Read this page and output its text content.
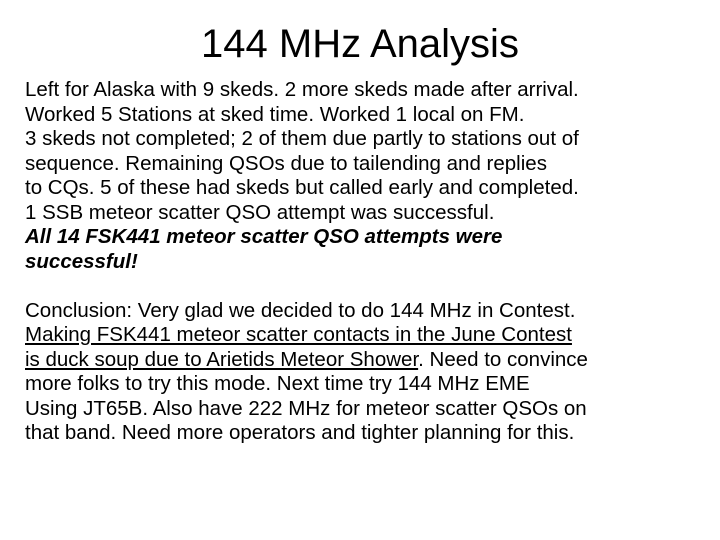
144 MHz Analysis
Left for Alaska with 9 skeds. 2 more skeds made after arrival.
Worked 5 Stations at sked time. Worked 1 local on FM.
3 skeds not completed; 2 of them due partly to stations out of
sequence. Remaining QSOs due to tailending and replies
to CQs. 5 of these had skeds but called early and completed.
1 SSB meteor scatter QSO attempt was successful.
All 14 FSK441 meteor scatter QSO attempts were
successful!
Conclusion: Very glad we decided to do 144 MHz in Contest.
Making FSK441 meteor scatter contacts in the June Contest
is duck soup due to Arietids Meteor Shower. Need to convince
more folks to try this mode. Next time try 144 MHz EME
Using JT65B. Also have 222 MHz for meteor scatter QSOs on
that band. Need more operators and tighter planning for this.
